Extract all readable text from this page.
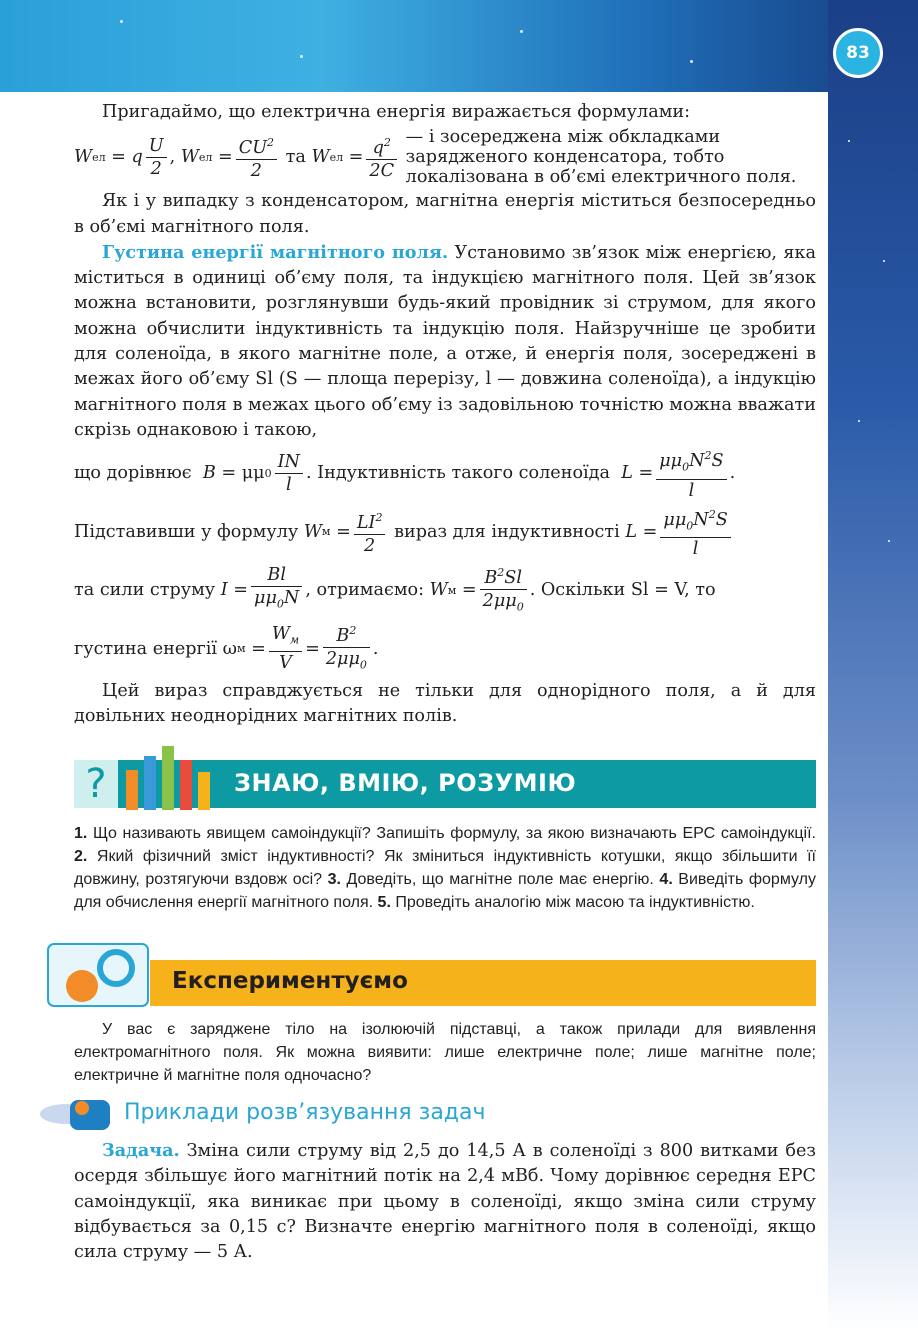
83

Пригадаймо, що електрична енергія виражається формулами:

W ел = q $\frac{U}{2}$ , W ел = $\frac{CU^2}{2}$
та
W ел = $\frac{q^2}{2C}$
— і зосереджена між обкладками зарядженого конденсатора, тобто локалізована в об’ємі електричного поля.

Як і у випадку з конденсатором, магнітна енергія міститься безпосередньо в об’ємі магнітного поля.

Густина енергії магнітного поля. Установимо зв’язок між енергією, яка міститься в одиниці об’єму поля, та індукцією магнітного поля. Цей зв’язок можна встановити, розглянувши будь-який провідник зі струмом, для якого можна обчислити індуктивність та індукцію поля. Найзручніше це зробити для соленоїда, в якого магнітне поле, а отже, й енергія поля, зосереджені в межах його об’єму Sl (S — площа перерізу, l — довжина соленоїда), а індукцію магнітного поля в межах цього об’єму із задовільною точністю можна вважати скрізь однаковою і такою,

що дорівнює
B = μμ $0 \frac{IN}{l}$ . Індуктивність такого соленоїда
$L = \frac{\mu\mu_0N^2S}{l}$ .
Підставивши у формулу
W $м = \frac{LI^2}{2}$
вираз для індуктивності
$L = \frac{\mu\mu_0N^2S}{l}$
та сили струму
$I = \frac{Bl}{\mu\mu_0N}$ , отримаємо:
W $м = \frac{B^2Sl}{2\mu\mu_0}$ . Оскільки Sl = V, то
густина енергії ω $м = \frac{W_м}{V} = \frac{B^2}{2\mu\mu_0}$ .

Цей вираз справджується не тільки для однорідного поля, а й для довільних неоднорідних магнітних полів.

ЗНАЮ, ВМІЮ, РОЗУМІЮ
?
1. Що називають явищем самоіндукції? Запишіть формулу, за якою визначають ЕРС самоіндукції. 2. Який фізичний зміст індуктивності? Як зміниться індуктивність котушки, якщо збільшити її довжину, розтягуючи вздовж осі? 3. Доведіть, що магнітне поле має енергію. 4. Виведіть формулу для обчислення енергії магнітного поля. 5. Проведіть аналогію між масою та індуктивністю.
Експериментуємо
У вас є заряджене тіло на ізолюючій підставці, а також прилади для виявлення електромагнітного поля. Як можна виявити: лише електричне поле; лише магнітне поле; електричне й магнітне поля одночасно?
Приклади розв’язування задач

Задача. Зміна сили струму від 2,5 до 14,5 А в соленоїді з 800 витками без осердя збільшує його магнітний потік на 2,4 мВб. Чому дорівнює середня ЕРС самоіндукції, яка виникає при цьому в соленоїді, якщо зміна сили струму відбувається за 0,15 с? Визначте енергію магнітного поля в соленоїді, якщо сила струму — 5 А.
